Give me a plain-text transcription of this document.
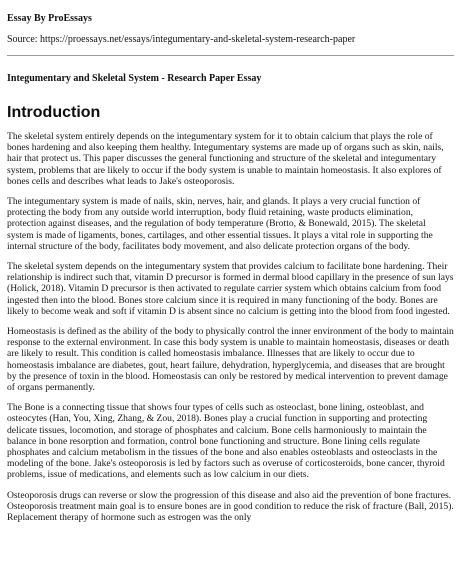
Essay By ProEssays
Source: https://proessays.net/essays/integumentary-and-skeletal-system-research-paper
Integumentary and Skeletal System - Research Paper Essay
Introduction

The skeletal system entirely depends on the integumentary system for it to obtain calcium that plays the role of bones hardening and also keeping them healthy. Integumentary systems are made up of organs such as skin, nails, hair that protect us. This paper discusses the general functioning and structure of the skeletal and integumentary system, problems that are likely to occur if the body system is unable to maintain homeostasis. It also explores of bones cells and describes what leads to Jake's osteoporosis.

The integumentary system is made of nails, skin, nerves, hair, and glands. It plays a very crucial function of protecting the body from any outside world interruption, body fluid retaining, waste products elimination, protection against diseases, and the regulation of body temperature (Brotto, & Bonewald, 2015). The skeletal system is made of ligaments, bones, cartilages, and other essential tissues. It plays a vital role in supporting the internal structure of the body, facilitates body movement, and also delicate protection organs of the body.

The skeletal system depends on the integumentary system that provides calcium to facilitate bone hardening. Their relationship is indirect such that, vitamin D precursor is formed in dermal blood capillary in the presence of sun lays (Holick, 2018). Vitamin D precursor is then activated to regulate carrier system which obtains calcium from food ingested then into the blood. Bones store calcium since it is required in many functioning of the body. Bones are likely to become weak and soft if vitamin D is absent since no calcium is getting into the blood from food ingested.

Homeostasis is defined as the ability of the body to physically control the inner environment of the body to maintain response to the external environment. In case this body system is unable to maintain homeostasis, diseases or death are likely to result. This condition is called homeostasis imbalance. Illnesses that are likely to occur due to homeostasis imbalance are diabetes, gout, heart failure, dehydration, hyperglycemia, and diseases that are brought by the presence of toxin in the blood. Homeostasis can only be restored by medical intervention to prevent damage of organs permanently.

The Bone is a connecting tissue that shows four types of cells such as osteoclast, bone lining, osteoblast, and osteocytes (Han, You, Xing, Zhang, & Zou, 2018). Bones play a crucial function in supporting and protecting delicate tissues, locomotion, and storage of phosphates and calcium. Bone cells harmoniously to maintain the balance in bone resorption and formation, control bone functioning and structure. Bone lining cells regulate phosphates and calcium metabolism in the tissues of the bone and also enables osteoblasts and osteoclasts in the modeling of the bone. Jake's osteoporosis is led by factors such as overuse of corticosteroids, bone cancer, thyroid problems, issue of medications, and elements such as low calcium in our diets.

Osteoporosis drugs can reverse or slow the progression of this disease and also aid the prevention of bone fractures. Osteoporosis treatment main goal is to ensure bones are in good condition to reduce the risk of fracture (Ball, 2015). Replacement therapy of hormone such as estrogen was the only
